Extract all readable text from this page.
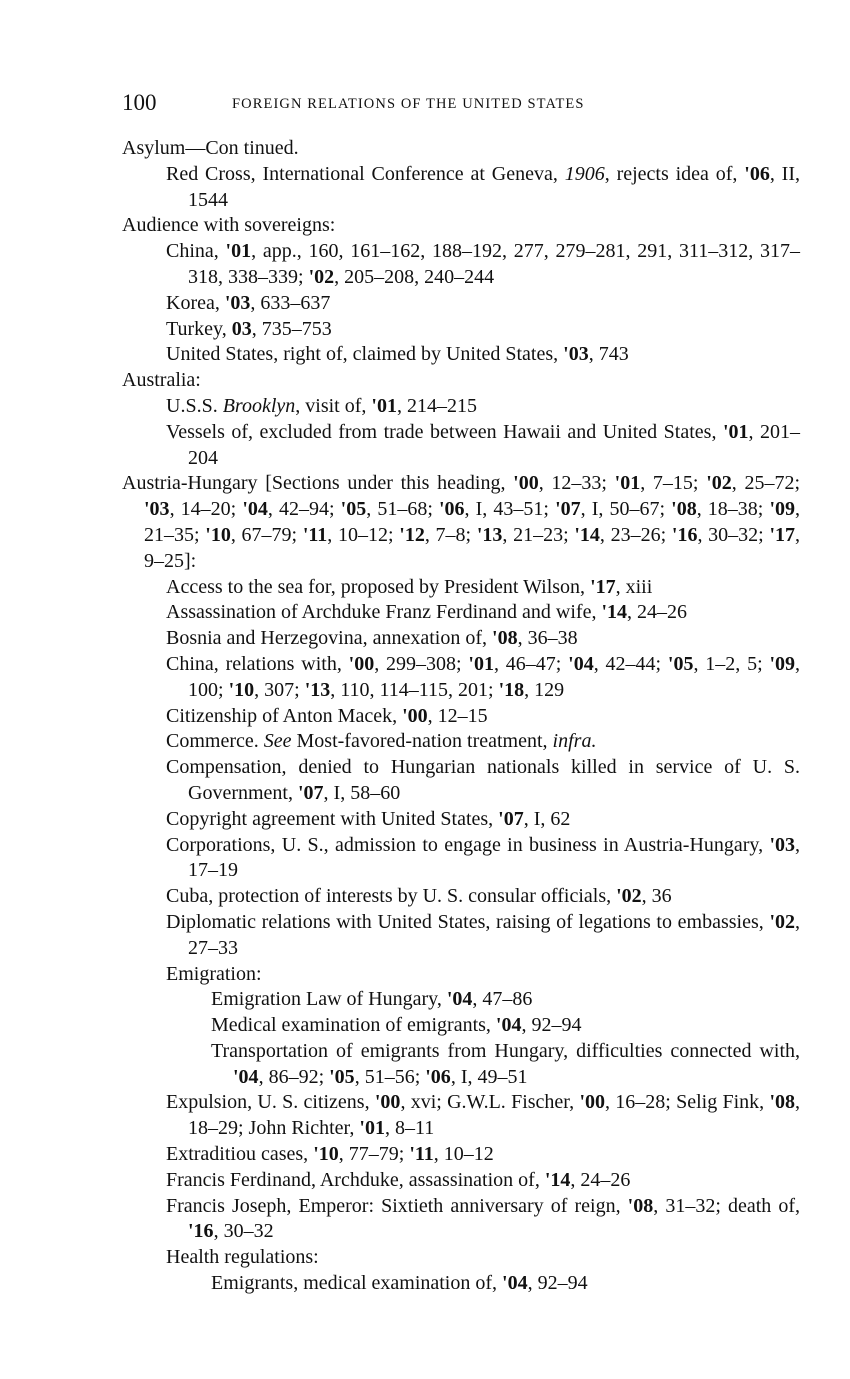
100	FOREIGN RELATIONS OF THE UNITED STATES

Asylum—Con tinued.

Red Cross, International Conference at Geneva, 1906, rejects idea of, '06, II, 1544

Audience with sovereigns:

China, '01, app., 160, 161–162, 188–192, 277, 279–281, 291, 311–312, 317–318, 338–339; '02, 205–208, 240–244

Korea, '03, 633–637

Turkey, 03, 735–753

United States, right of, claimed by United States, '03, 743

Australia:

U.S.S. Brooklyn, visit of, '01, 214–215

Vessels of, excluded from trade between Hawaii and United States, '01, 201–204

Austria-Hungary [Sections under this heading, '00, 12–33; '01, 7–15; '02, 25–72; '03, 14–20; '04, 42–94; '05, 51–68; '06, I, 43–51; '07, I, 50–67; '08, 18–38; '09, 21–35; '10, 67–79; '11, 10–12; '12, 7–8; '13, 21–23; '14, 23–26; '16, 30–32; '17, 9–25]:

Access to the sea for, proposed by President Wilson, '17, xiii

Assassination of Archduke Franz Ferdinand and wife, '14, 24–26

Bosnia and Herzegovina, annexation of, '08, 36–38

China, relations with, '00, 299–308; '01, 46–47; '04, 42–44; '05, 1–2, 5; '09, 100; '10, 307; '13, 110, 114–115, 201; '18, 129

Citizenship of Anton Macek, '00, 12–15

Commerce. See Most-favored-nation treatment, infra.

Compensation, denied to Hungarian nationals killed in service of U. S. Government, '07, I, 58–60

Copyright agreement with United States, '07, I, 62

Corporations, U. S., admission to engage in business in Austria-Hungary, '03, 17–19

Cuba, protection of interests by U. S. consular officials, '02, 36

Diplomatic relations with United States, raising of legations to embassies, '02, 27–33

Emigration:

Emigration Law of Hungary, '04, 47–86

Medical examination of emigrants, '04, 92–94

Transportation of emigrants from Hungary, difficulties connected with, '04, 86–92; '05, 51–56; '06, I, 49–51

Expulsion, U. S. citizens, '00, xvi; G.W.L. Fischer, '00, 16–28; Selig Fink, '08, 18–29; John Richter, '01, 8–11

Extraditiou cases, '10, 77–79; '11, 10–12

Francis Ferdinand, Archduke, assassination of, '14, 24–26

Francis Joseph, Emperor: Sixtieth anniversary of reign, '08, 31–32; death of, '16, 30–32

Health regulations:

Emigrants, medical examination of, '04, 92–94
